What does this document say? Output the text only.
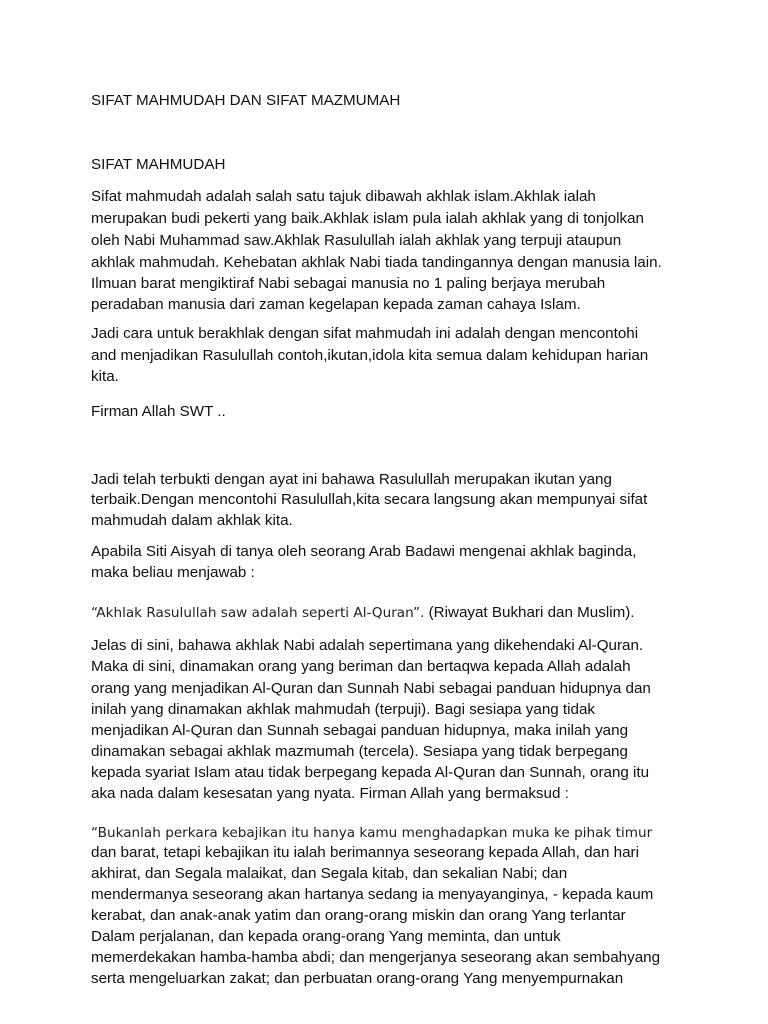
SIFAT MAHMUDAH DAN SIFAT MAZMUMAH
SIFAT MAHMUDAH
Sifat mahmudah adalah salah satu tajuk dibawah akhlak islam.Akhlak ialah
merupakan budi pekerti yang baik.Akhlak islam pula ialah akhlak yang di tonjolkan
oleh Nabi Muhammad saw.Akhlak Rasulullah ialah akhlak yang terpuji ataupun
akhlak mahmudah. Kehebatan akhlak Nabi tiada tandingannya dengan manusia lain.
Ilmuan barat mengiktiraf Nabi sebagai manusia no 1 paling berjaya merubah
peradaban manusia dari zaman kegelapan kepada zaman cahaya Islam.
Jadi cara untuk berakhlak dengan sifat mahmudah ini adalah dengan mencontohi
and menjadikan Rasulullah contoh,ikutan,idola kita semua dalam kehidupan harian
kita.
Firman Allah SWT ..
Jadi telah terbukti dengan ayat ini bahawa Rasulullah merupakan ikutan yang
terbaik.Dengan mencontohi Rasulullah,kita secara langsung akan mempunyai sifat
mahmudah dalam akhlak kita.
Apabila Siti Aisyah di tanya oleh seorang Arab Badawi mengenai akhlak baginda,
maka beliau menjawab :
“Akhlak Rasulullah saw adalah seperti Al-Quran”. (Riwayat Bukhari dan Muslim).
Jelas di sini, bahawa akhlak Nabi adalah sepertimana yang dikehendaki Al-Quran.
Maka di sini, dinamakan orang yang beriman dan bertaqwa kepada Allah adalah
orang yang menjadikan Al-Quran dan Sunnah Nabi sebagai panduan hidupnya dan
inilah yang dinamakan akhlak mahmudah (terpuji). Bagi sesiapa yang tidak
menjadikan Al-Quran dan Sunnah sebagai panduan hidupnya, maka inilah yang
dinamakan sebagai akhlak mazmumah (tercela). Sesiapa yang tidak berpegang
kepada syariat Islam atau tidak berpegang kepada Al-Quran dan Sunnah, orang itu
aka nada dalam kesesatan yang nyata. Firman Allah yang bermaksud :
“Bukanlah perkara kebajikan itu hanya kamu menghadapkan muka ke pihak timur
dan barat, tetapi kebajikan itu ialah berimannya seseorang kepada Allah, dan hari
akhirat, dan Segala malaikat, dan Segala kitab, dan sekalian Nabi; dan
mendermanya seseorang akan hartanya sedang ia menyayanginya, - kepada kaum
kerabat, dan anak-anak yatim dan orang-orang miskin dan orang Yang terlantar
Dalam perjalanan, dan kepada orang-orang Yang meminta, dan untuk
memerdekakan hamba-hamba abdi; dan mengerjanya seseorang akan sembahyang
serta mengeluarkan zakat; dan perbuatan orang-orang Yang menyempurnakan
